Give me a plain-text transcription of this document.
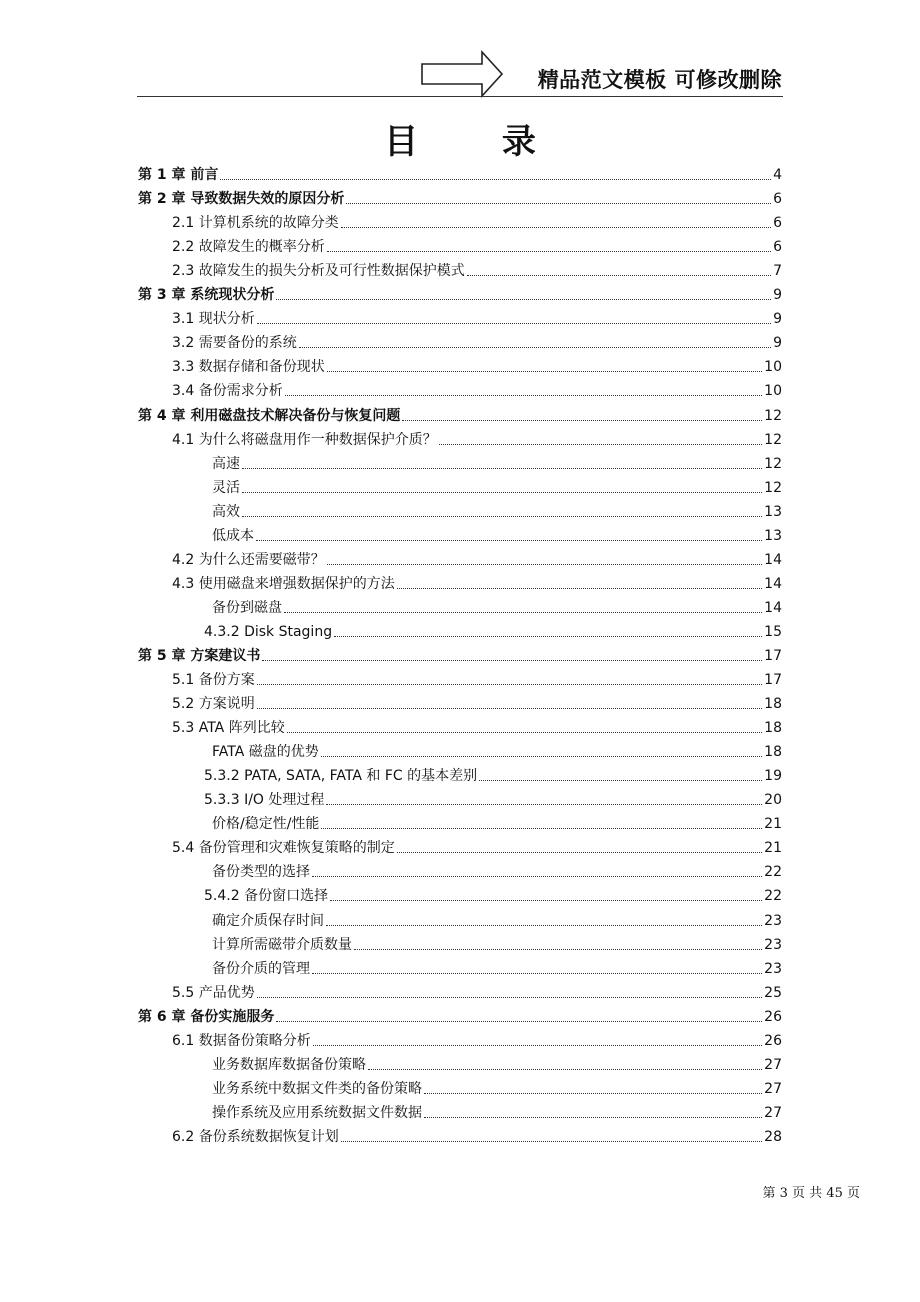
精品范文模板 可修改删除
目 录
第 1 章 前言	4
第 2 章 导致数据失效的原因分析	6
2.1 计算机系统的故障分类	6
2.2 故障发生的概率分析	6
2.3 故障发生的损失分析及可行性数据保护模式	7
第 3 章 系统现状分析	9
3.1 现状分析	9
3.2 需要备份的系统	9
3.3 数据存储和备份现状	10
3.4 备份需求分析	10
第 4 章 利用磁盘技术解决备份与恢复问题	12
4.1 为什么将磁盘用作一种数据保护介质？	12
高速	12
灵活	12
高效	13
低成本	13
4.2 为什么还需要磁带？	14
4.3 使用磁盘来增强数据保护的方法	14
备份到磁盘	14
4.3.2 Disk Staging	15
第 5 章 方案建议书	17
5.1 备份方案	17
5.2 方案说明	18
5.3 ATA 阵列比较	18
FATA 磁盘的优势	18
5.3.2 PATA, SATA, FATA 和 FC 的基本差别	19
5.3.3 I/O 处理过程	20
价格/稳定性/性能	21
5.4 备份管理和灾难恢复策略的制定	21
备份类型的选择	22
5.4.2 备份窗口选择	22
确定介质保存时间	23
计算所需磁带介质数量	23
备份介质的管理	23
5.5 产品优势	25
第 6 章 备份实施服务	26
6.1 数据备份策略分析	26
业务数据库数据备份策略	27
业务系统中数据文件类的备份策略	27
操作系统及应用系统数据文件数据	27
6.2 备份系统数据恢复计划	28
第 3 页 共 45 页
